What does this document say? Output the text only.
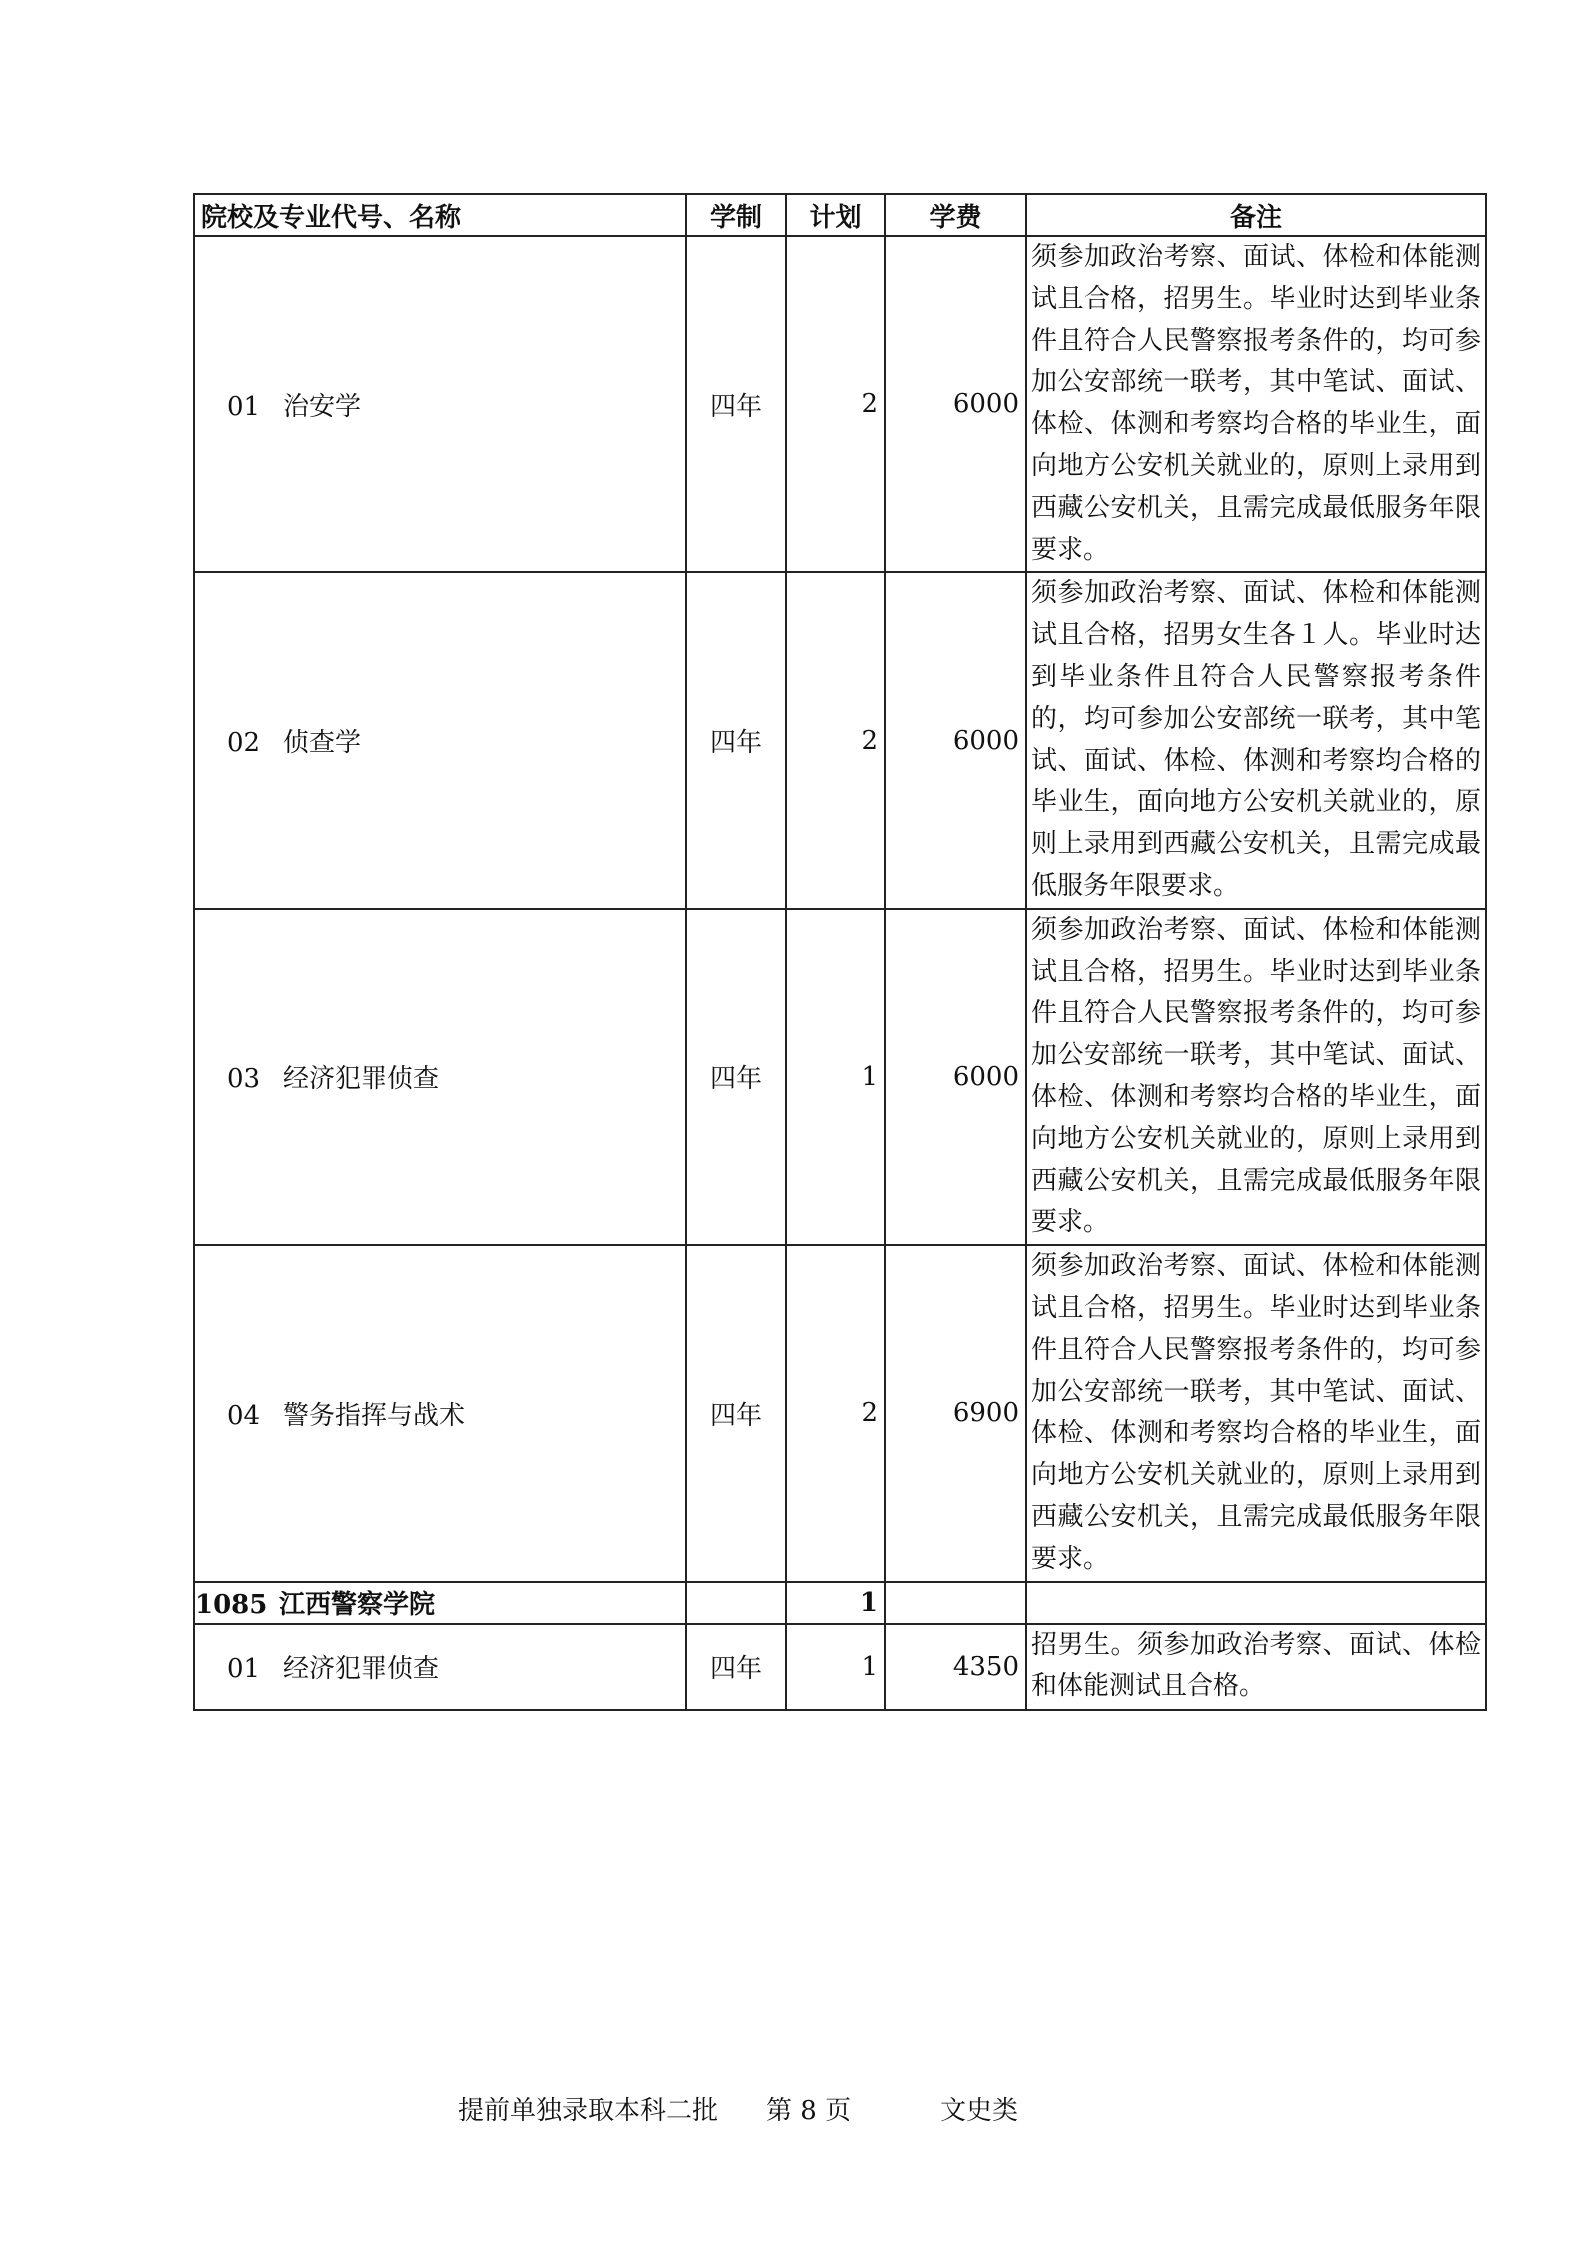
院校及专业代号、名称	学制	计划	学费	备注
01 治安学	四年	2	6000	须参加政治考察、面试、体检和体能测试且合格，招男生。毕业时达到毕业条件且符合人民警察报考条件的，均可参加公安部统一联考，其中笔试、面试、体检、体测和考察均合格的毕业生，面向地方公安机关就业的，原则上录用到西藏公安机关，且需完成最低服务年限要求。
02 侦查学	四年	2	6000	须参加政治考察、面试、体检和体能测试且合格，招男女生各１人。毕业时达到毕业条件且符合人民警察报考条件的，均可参加公安部统一联考，其中笔试、面试、体检、体测和考察均合格的毕业生，面向地方公安机关就业的，原则上录用到西藏公安机关，且需完成最低服务年限要求。
03 经济犯罪侦查	四年	1	6000	须参加政治考察、面试、体检和体能测试且合格，招男生。毕业时达到毕业条件且符合人民警察报考条件的，均可参加公安部统一联考，其中笔试、面试、体检、体测和考察均合格的毕业生，面向地方公安机关就业的，原则上录用到西藏公安机关，且需完成最低服务年限要求。
04 警务指挥与战术	四年	2	6900	须参加政治考察、面试、体检和体能测试且合格，招男生。毕业时达到毕业条件且符合人民警察报考条件的，均可参加公安部统一联考，其中笔试、面试、体检、体测和考察均合格的毕业生，面向地方公安机关就业的，原则上录用到西藏公安机关，且需完成最低服务年限要求。
1085 江西警察学院		1		
01 经济犯罪侦查	四年	1	4350	招男生。须参加政治考察、面试、体检和体能测试且合格。
提前单独录取本科二批 第 8 页	文史类
